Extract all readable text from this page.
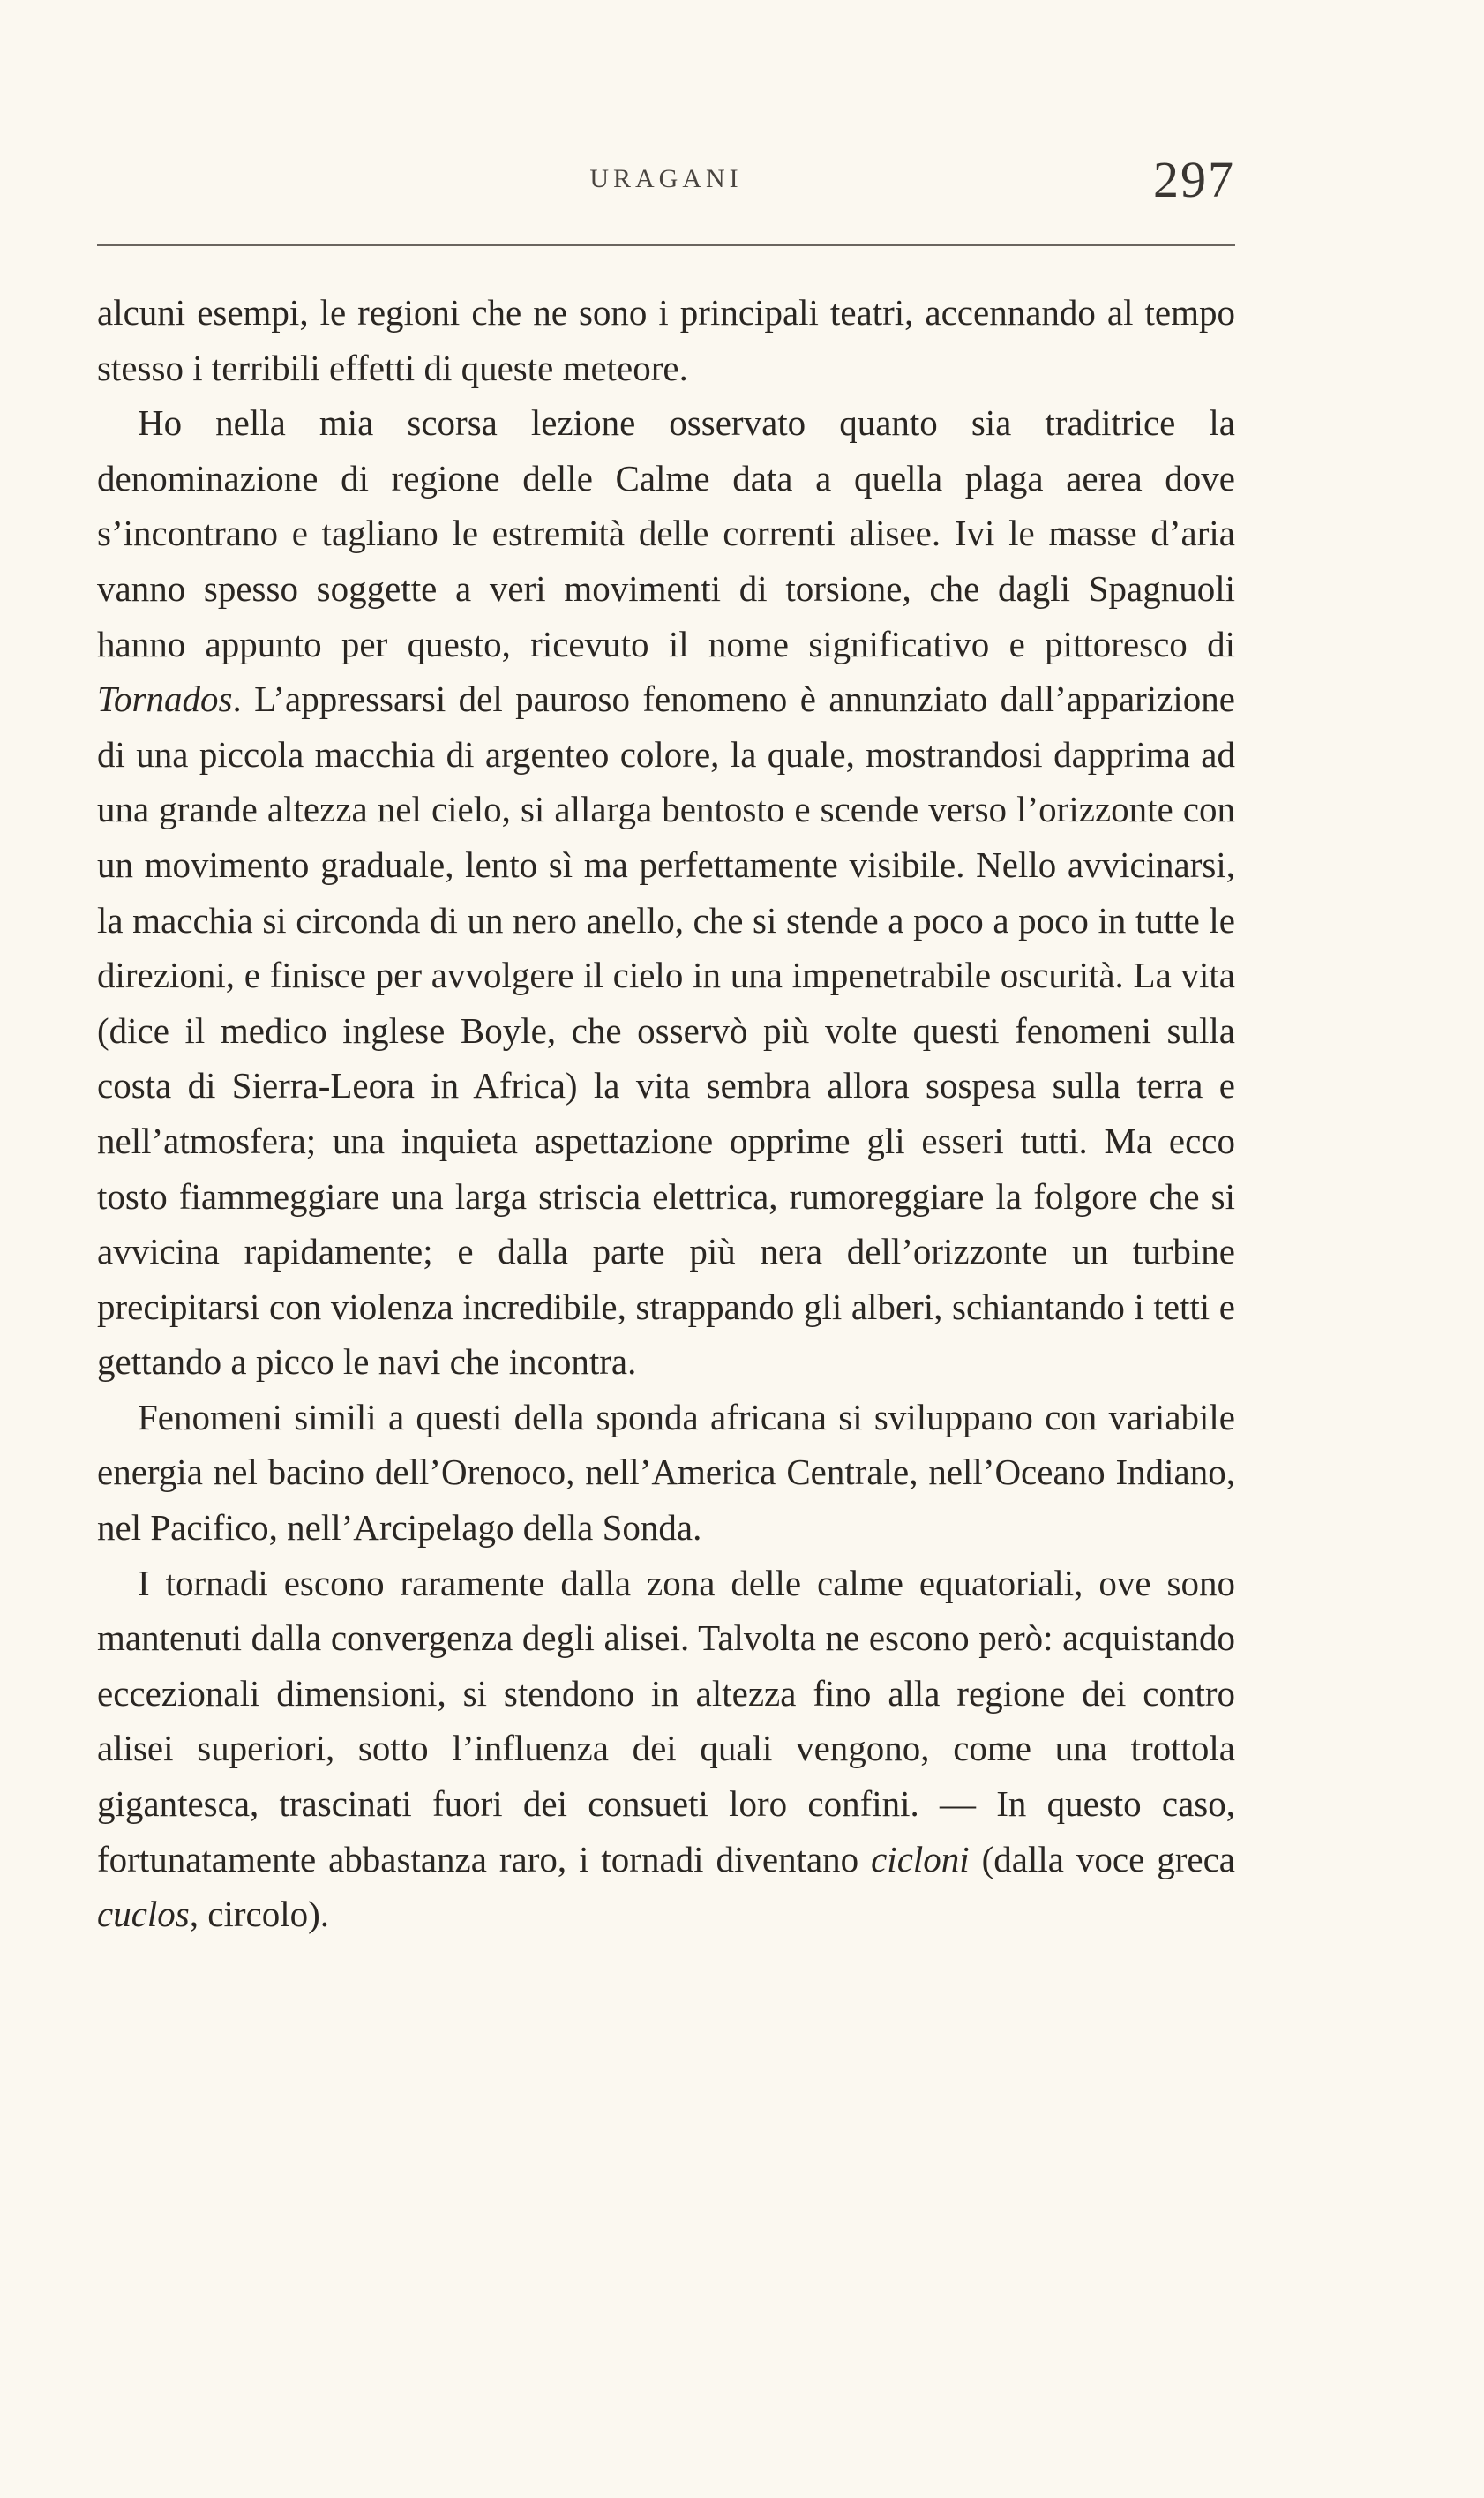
URAGANI	297

alcuni esempi, le regioni che ne sono i principali teatri, accennando al tempo stesso i terribili effetti di queste meteore.

Ho nella mia scorsa lezione osservato quanto sia traditrice la denominazione di regione delle Calme data a quella plaga aerea dove s’incontrano e tagliano le estremità delle correnti alisee. Ivi le masse d’aria vanno spesso soggette a veri movimenti di torsione, che dagli Spagnuoli hanno appunto per questo, ricevuto il nome significativo e pittoresco di Tornados. L’appressarsi del pauroso fenomeno è annunziato dall’apparizione di una piccola macchia di argenteo colore, la quale, mostrandosi dapprima ad una grande altezza nel cielo, si allarga bentosto e scende verso l’orizzonte con un movimento graduale, lento sì ma perfettamente visibile. Nello avvicinarsi, la macchia si circonda di un nero anello, che si stende a poco a poco in tutte le direzioni, e finisce per avvolgere il cielo in una impenetrabile oscurità. La vita (dice il medico inglese Boyle, che osservò più volte questi fenomeni sulla costa di Sierra-Leora in Africa) la vita sembra allora sospesa sulla terra e nell’atmosfera; una inquieta aspettazione opprime gli esseri tutti. Ma ecco tosto fiammeggiare una larga striscia elettrica, rumoreggiare la folgore che si avvicina rapidamente; e dalla parte più nera dell’orizzonte un turbine precipitarsi con violenza incredibile, strappando gli alberi, schiantando i tetti e gettando a picco le navi che incontra.

Fenomeni simili a questi della sponda africana si sviluppano con variabile energia nel bacino dell’Orenoco, nell’America Centrale, nell’Oceano Indiano, nel Pacifico, nell’Arcipelago della Sonda.

I tornadi escono raramente dalla zona delle calme equatoriali, ove sono mantenuti dalla convergenza degli alisei. Talvolta ne escono però: acquistando eccezionali dimensioni, si stendono in altezza fino alla regione dei contro alisei superiori, sotto l’influenza dei quali vengono, come una trottola gigantesca, trascinati fuori dei consueti loro confini. — In questo caso, fortunatamente abbastanza raro, i tornadi diventano cicloni (dalla voce greca cuclos, circolo).
